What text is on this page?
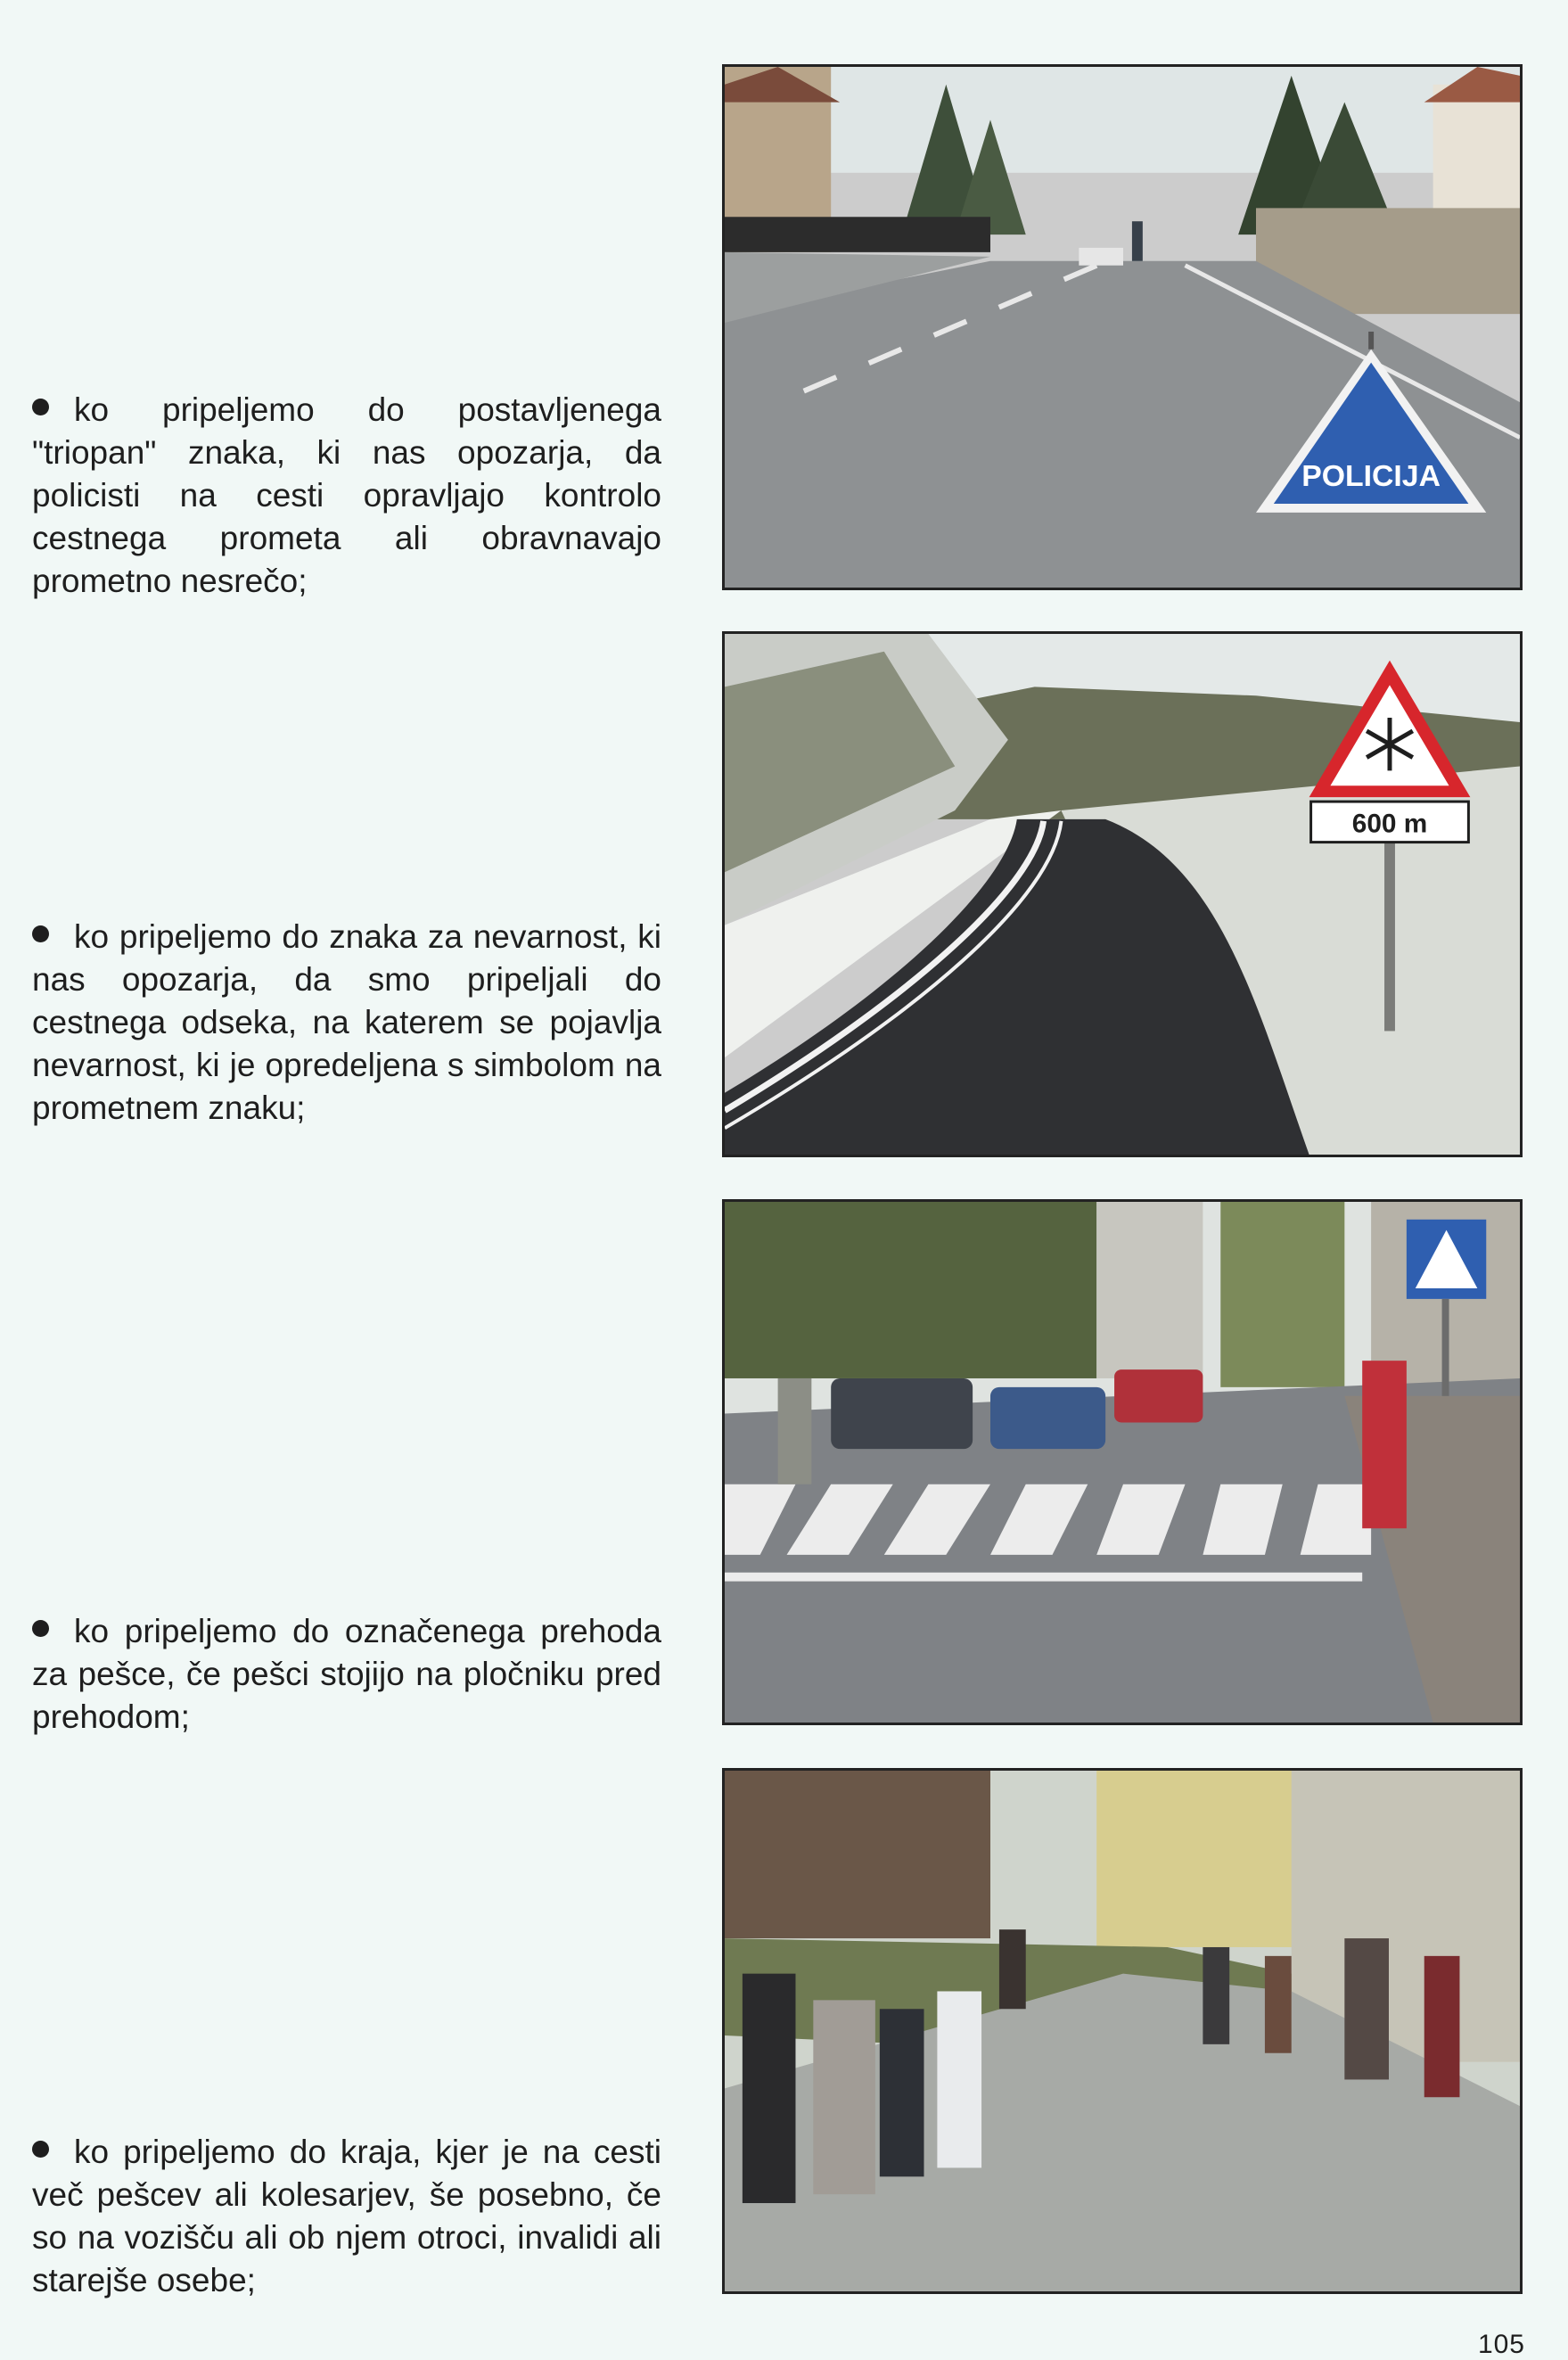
ko pripeljemo do postavljenega "triopan" znaka, ki nas opozarja, da policisti na cesti opravljajo kontrolo cestnega prometa ali obravnavajo prometno nesrečo;
POLICIJA
ko pripeljemo do znaka za nevarnost, ki nas opozarja, da smo pripeljali do cestnega odseka, na katerem se pojavlja nevarnost, ki je opredeljena s simbolom na prometnem znaku;
600 m
ko pripeljemo do označenega prehoda za pešce, če pešci stojijo na pločniku pred prehodom;
ko pripeljemo do kraja, kjer je na cesti več pešcev ali kolesarjev, še posebno, če so na vozišču ali ob njem otroci, invalidi ali starejše osebe;
105
